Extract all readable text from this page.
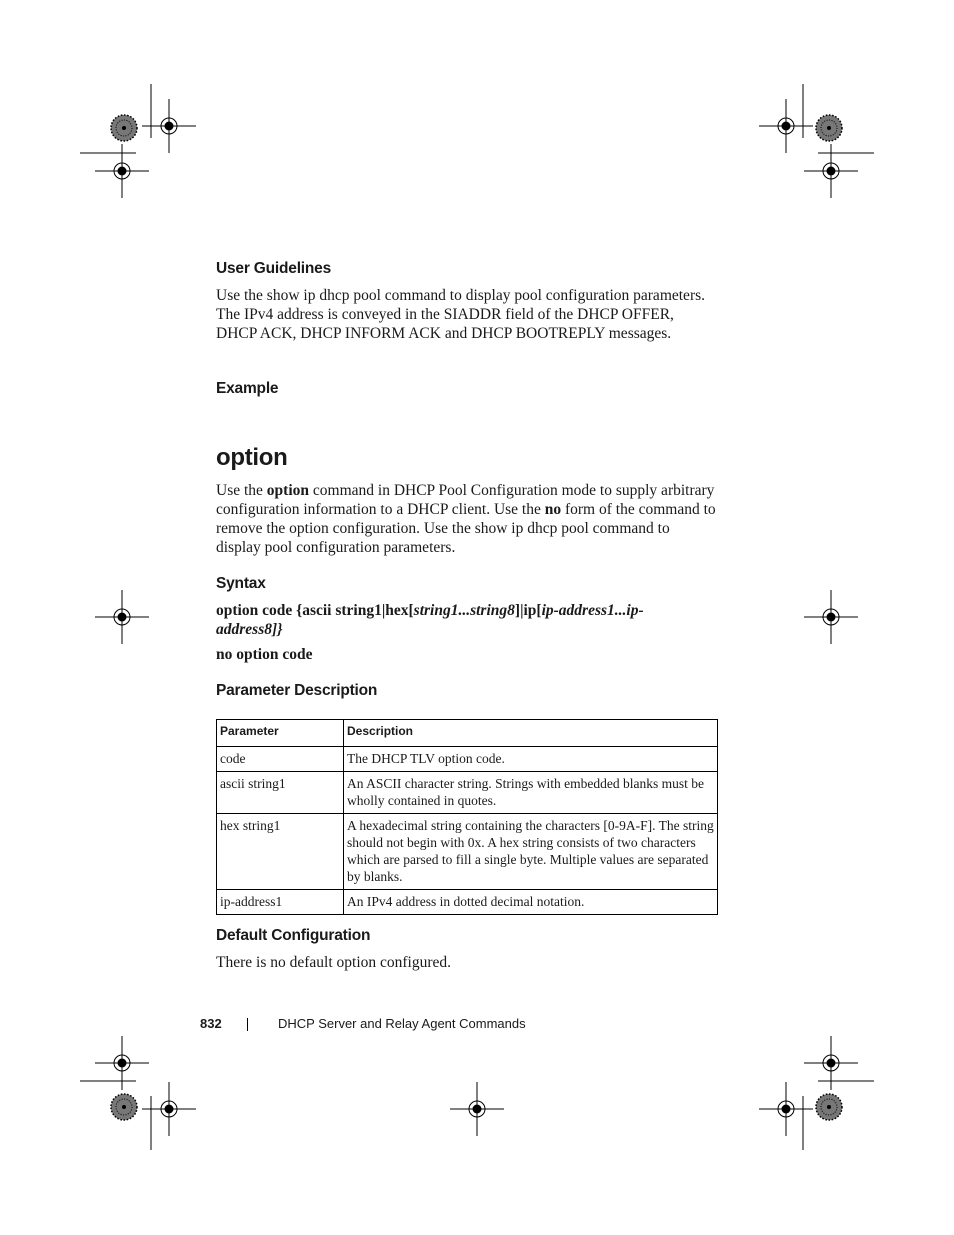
User Guidelines

Use the show ip dhcp pool command to display pool configuration parameters. The IPv4 address is conveyed in the SIADDR field of the DHCP OFFER, DHCP ACK, DHCP INFORM ACK and DHCP BOOTREPLY messages.

Example
option

Use the option command in DHCP Pool Configuration mode to supply arbitrary configuration information to a DHCP client. Use the no form of the command to remove the option configuration. Use the show ip dhcp pool command to display pool configuration parameters.

Syntax

option code {ascii string1|hex[string1...string8]|ip[ip-address1...ip-address8]}

no option code

Parameter Description
Parameter	Description
code	The DHCP TLV option code.
ascii string1	An ASCII character string. Strings with embedded blanks must be wholly contained in quotes.
hex string1	A hexadecimal string containing the characters [0-9A-F]. The string should not begin with 0x. A hex string consists of two characters which are parsed to fill a single byte. Multiple values are separated by blanks.
ip-address1	An IPv4 address in dotted decimal notation.
Default Configuration

There is no default option configured.

832	DHCP Server and Relay Agent Commands
